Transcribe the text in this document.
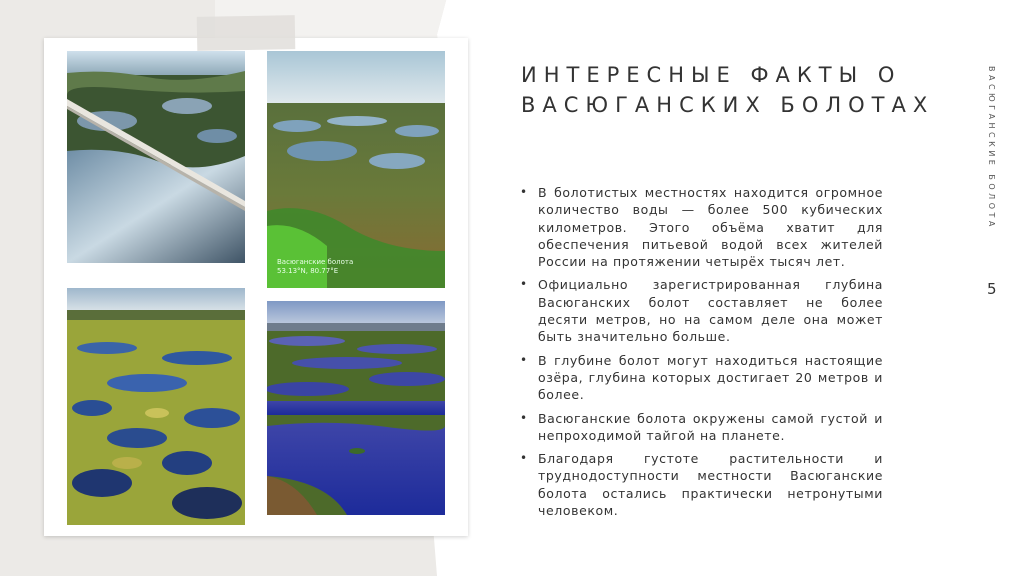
Васюганские болота
53.13°N, 80.77°E
ИНТЕРЕСНЫЕ ФАКТЫ О ВАСЮГАНСКИХ БОЛОТАХ
• В болотистых местностях находится огромное количество воды — более 500 кубических километров. Этого объёма хватит для обеспечения питьевой водой всех жителей России на протяжении четырёх тысяч лет.
• Официально зарегистрированная глубина Васюганских болот составляет не более десяти метров, но на самом деле она может быть значительно больше.
• В глубине болот могут находиться настоящие озёра, глубина которых достигает 20 метров и более.
• Васюганские болота окружены самой густой и непроходимой тайгой на планете.
• Благодаря густоте растительности и труднодоступности местности Васюганские болота остались практически нетронутыми человеком.
ВАСЮГАНСКИЕ БОЛОТА
5
